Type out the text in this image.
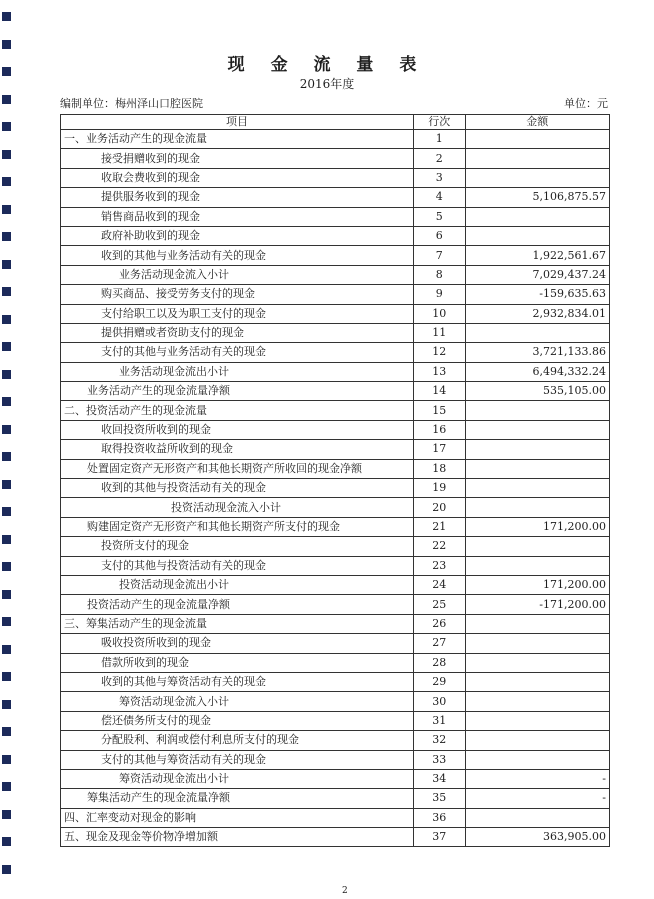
现 金 流 量 表
2016年度
编制单位：梅州泽山口腔医院	单位：元
项目	行次	金额
一、业务活动产生的现金流量	1	
接受捐赠收到的现金	2	
收取会费收到的现金	3	
提供服务收到的现金	4	5,106,875.57
销售商品收到的现金	5	
政府补助收到的现金	6	
收到的其他与业务活动有关的现金	7	1,922,561.67
业务活动现金流入小计	8	7,029,437.24
购买商品、接受劳务支付的现金	9	-159,635.63
支付给职工以及为职工支付的现金	10	2,932,834.01
提供捐赠或者资助支付的现金	11	
支付的其他与业务活动有关的现金	12	3,721,133.86
业务活动现金流出小计	13	6,494,332.24
业务活动产生的现金流量净额	14	535,105.00
二、投资活动产生的现金流量	15	
收回投资所收到的现金	16	
取得投资收益所收到的现金	17	
处置固定资产无形资产和其他长期资产所收回的现金净额	18	
收到的其他与投资活动有关的现金	19	
投资活动现金流入小计	20	
购建固定资产无形资产和其他长期资产所支付的现金	21	171,200.00
投资所支付的现金	22	
支付的其他与投资活动有关的现金	23	
投资活动现金流出小计	24	171,200.00
投资活动产生的现金流量净额	25	-171,200.00
三、筹集活动产生的现金流量	26	
吸收投资所收到的现金	27	
借款所收到的现金	28	
收到的其他与筹资活动有关的现金	29	
筹资活动现金流入小计	30	
偿还债务所支付的现金	31	
分配股利、利润或偿付利息所支付的现金	32	
支付的其他与筹资活动有关的现金	33	
筹资活动现金流出小计	34	-
筹集活动产生的现金流量净额	35	-
四、汇率变动对现金的影响	36	
五、现金及现金等价物净增加额	37	363,905.00
2
